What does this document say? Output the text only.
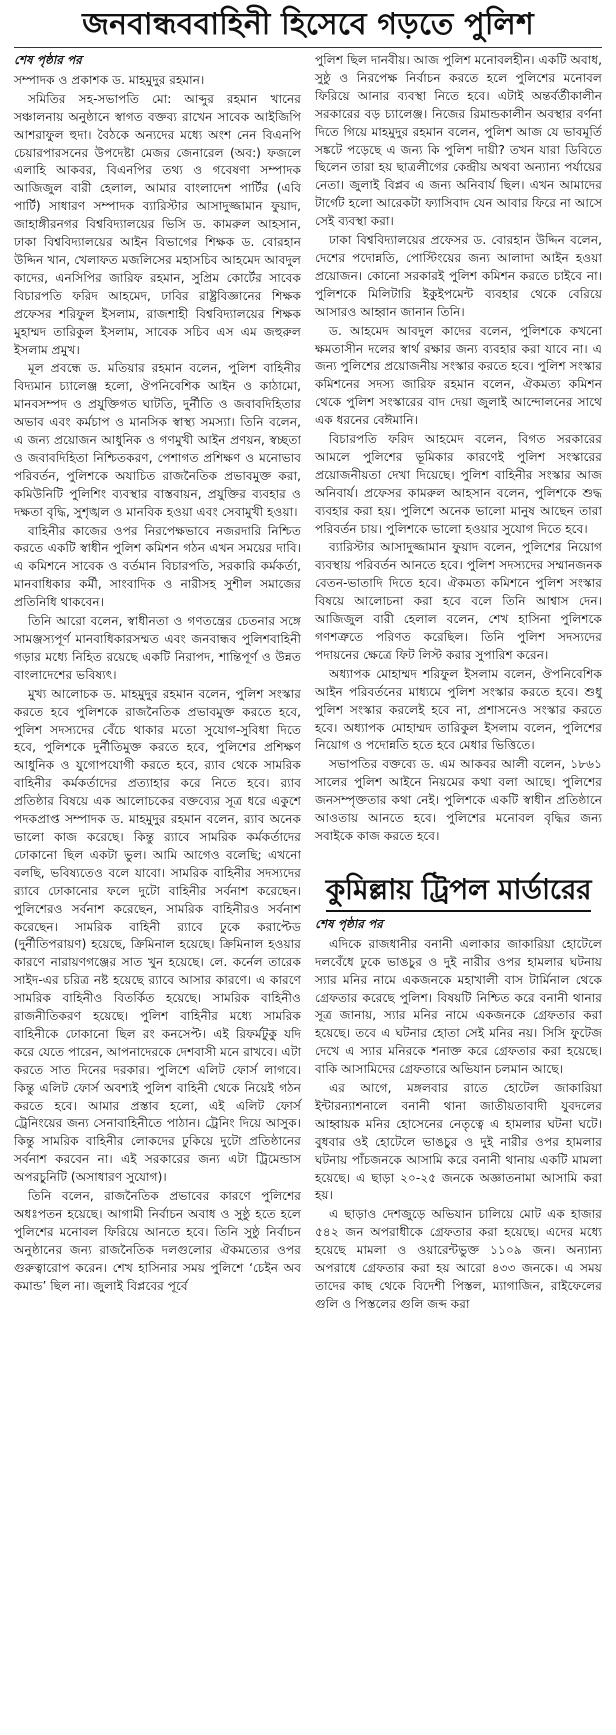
জনবান্ধববাহিনী হিসেবে গড়তে পুলিশ
শেষ পৃষ্ঠার পর

সম্পাদক ও প্রকাশক ড. মাহমুদুর রহমান।

সমিতির সহ-সভাপতি মো: আব্দুর রহমান খানের সঞ্চালনায় অনুষ্ঠানে স্বাগত বক্তব্য রাখেন সাবেক আইজিপি আশরাফুল হুদা। বৈঠকে অন্যদের মধ্যে অংশ নেন বিএনপি চেয়ারপারসনের উপদেষ্টা মেজর জেনারেল (অব:) ফজলে এলাহি আকবর, বিএনপির তথ্য ও গবেষণা সম্পাদক আজিজুল বারী হেলাল, আমার বাংলাদেশ পার্টির (এবি পার্টি) সাধারণ সম্পাদক ব্যারিস্টার আসাদুজ্জামান ফুয়াদ, জাহাঙ্গীরনগর বিশ্ববিদ্যালয়ের ভিসি ড. কামরুল আহসান, ঢাকা বিশ্ববিদ্যালয়ের আইন বিভাগের শিক্ষক ড. বোরহান উদ্দিন খান, খেলাফত মজলিসের মহাসচিব আহমেদ আবদুল কাদের, এনসিপির জারিফ রহমান, সুপ্রিম কোর্টের সাবেক বিচারপতি ফরিদ আহমেদ, ঢাবির রাষ্ট্রবিজ্ঞানের শিক্ষক প্রফেসর শরিফুল ইসলাম, রাজশাহী বিশ্ববিদ্যালয়ের শিক্ষক মুহাম্মদ তারিকুল ইসলাম, সাবেক সচিব এস এম জহুরুল ইসলাম প্রমুখ।

মূল প্রবন্ধে ড. মতিয়ার রহমান বলেন, পুলিশ বাহিনীর বিদ্যমান চ্যালেঞ্জ হলো, ঔপনিবেশিক আইন ও কাঠামো, মানবসম্পদ ও প্রযুক্তিগত ঘাটতি, দুর্নীতি ও জবাবদিহিতার অভাব এবং কর্মচাপ ও মানসিক স্বাস্থ্য সমস্যা। তিনি বলেন, এ জন্য প্রয়োজন আধুনিক ও গণমুখী আইন প্রণয়ন, স্বচ্ছতা ও জবাবদিহিতা নিশ্চিতকরণ, পেশাগত প্রশিক্ষণ ও মনোভাব পরিবর্তন, পুলিশকে অযাচিত রাজনৈতিক প্রভাবমুক্ত করা, কমিউনিটি পুলিশিং ব্যবস্থার বাস্তবায়ন, প্রযুক্তির ব্যবহার ও দক্ষতা বৃদ্ধি, সুশৃঙ্খল ও মানবিক হওয়া এবং সেবামুখী হওয়া।

বাহিনীর কাজের ওপর নিরপেক্ষভাবে নজরদারি নিশ্চিত করতে একটি স্বাধীন পুলিশ কমিশন গঠন এখন সময়ের দাবি। এ কমিশনে সাবেক ও বর্তমান বিচারপতি, সরকারি কর্মকর্তা, মানবাধিকার কর্মী, সাংবাদিক ও নারীসহ সুশীল সমাজের প্রতিনিধি থাকবেন।

তিনি আরো বলেন, স্বাধীনতা ও গণতন্ত্রের চেতনার সঙ্গে সামঞ্জস্যপূর্ণ মানবাধিকারসম্মত এবং জনবান্ধব পুলিশবাহিনী গড়ার মধ্যে নিহিত রয়েছে একটি নিরাপদ, শান্তিপূর্ণ ও উন্নত বাংলাদেশের ভবিষ্যৎ।

মুখ্য আলোচক ড. মাহমুদুর রহমান বলেন, পুলিশ সংস্কার করতে হবে পুলিশকে রাজনৈতিক প্রভাবমুক্ত করতে হবে, পুলিশ সদস্যদের বেঁচে থাকার মতো সুযোগ-সুবিধা দিতে হবে, পুলিশকে দুর্নীতিমুক্ত করতে হবে, পুলিশের প্রশিক্ষণ আধুনিক ও যুগোপযোগী করতে হবে, র‍্যাব থেকে সামরিক বাহিনীর কর্মকর্তাদের প্রত্যাহার করে নিতে হবে। র‍্যাব প্রতিষ্ঠার বিষয়ে এক আলোচকের বক্তব্যের সূত্র ধরে একুশে পদকপ্রাপ্ত সম্পাদক ড. মাহমুদুর রহমান বলেন, র‍্যাব অনেক ভালো কাজ করেছে। কিন্তু র‍্যাবে সামরিক কর্মকর্তাদের ঢোকানো ছিল একটা ভুল। আমি আগেও বলেছি; এখনো বলছি, ভবিষ্যতেও বলে যাবো। সামরিক বাহিনীর সদস্যদের র‍্যাবে ঢোকানোর ফলে দুটো বাহিনীর সর্বনাশ করেছেন। পুলিশেরও সর্বনাশ করেছেন, সামরিক বাহিনীরও সর্বনাশ করেছেন। সামরিক বাহিনী র‍্যাবে ঢুকে করাপ্টেড (দুর্নীতিপরায়ণ) হয়েছে, ক্রিমিনাল হয়েছে। ক্রিমিনাল হওয়ার কারণে নারায়ণগঞ্জের সাত খুন হয়েছে। লে. কর্নেল তারেক সাইদ-এর চরিত্র নষ্ট হয়েছে র‍্যাবে আসার কারণে। এ কারণে সামরিক বাহিনীও বিতর্কিত হয়েছে। সামরিক বাহিনীও রাজনীতিকরণ হয়েছে। পুলিশ বাহিনীর মধ্যে সামরিক বাহিনীকে ঢোকানো ছিল রং কনসেপ্ট। এই রিফর্মটুকু যদি করে যেতে পারেন, আপনাদেরকে দেশবাসী মনে রাখবে। এটা করতে সাত দিনের দরকার। পুলিশে এলিট ফোর্স লাগবে। কিন্তু এলিট ফোর্স অবশ্যই পুলিশ বাহিনী থেকে নিয়েই গঠন করতে হবে। আমার প্রস্তাব হলো, এই এলিট ফোর্স ট্রেনিংয়ের জন্য সেনাবাহিনীতে পাঠান। ট্রেনিং দিয়ে আসুক। কিন্তু সামরিক বাহিনীর লোকদের ঢুকিয়ে দুটো প্রতিষ্ঠানের সর্বনাশ করবেন না। এই সরকারের জন্য এটা ট্রিমেন্ডাস অপরচুনিটি (অসাধারণ সুযোগ)।

তিনি বলেন, রাজনৈতিক প্রভাবের কারণে পুলিশের অধঃপতন হয়েছে। আগামী নির্বাচন অবাধ ও সুষ্ঠু হতে হলে পুলিশের মনোবল ফিরিয়ে আনতে হবে। তিনি সুষ্ঠু নির্বাচন অনুষ্ঠানের জন্য রাজনৈতিক দলগুলোর ঐকমত্যের ওপর গুরুত্বারোপ করেন। শেখ হাসিনার সময় পুলিশে ‘চেইন অব কমান্ড’ ছিল না। জুলাই বিপ্লবের পূর্বে

পুলিশ ছিল দানবীয়। আজ পুলিশ মনোবলহীন। একটি অবাধ, সুষ্ঠু ও নিরপেক্ষ নির্বাচন করতে হলে পুলিশের মনোবল ফিরিয়ে আনার ব্যবস্থা নিতে হবে। এটাই অন্তর্বর্তীকালীন সরকারের বড় চ্যালেঞ্জ। নিজের রিমান্ডকালীন অবস্থার বর্ণনা দিতে গিয়ে মাহমুদুর রহমান বলেন, পুলিশ আজ যে ভাবমূর্তি সঙ্কটে পড়েছে এ জন্য কি পুলিশ দায়ী? তখন যারা ডিবিতে ছিলেন তারা হয় ছাত্রলীগের কেন্দ্রীয় অথবা অন্যান্য পর্যায়ের নেতা। জুলাই বিপ্লব এ জন্য অনিবার্য ছিল। এখন আমাদের টার্গেট হলো আরেকটা ফ্যাসিবাদ যেন আবার ফিরে না আসে সেই ব্যবস্থা করা।

ঢাকা বিশ্ববিদ্যালয়ের প্রফেসর ড. বোরহান উদ্দিন বলেন, দেশের পদোন্নতি, পোস্টিংয়ের জন্য আলাদা আইন হওয়া প্রয়োজন। কোনো সরকারই পুলিশ কমিশন করতে চাইবে না। পুলিশকে মিলিটারি ইকুইপমেন্ট ব্যবহার থেকে বেরিয়ে আসারও আহ্বান জানান তিনি।

ড. আহমেদ আবদুল কাদের বলেন, পুলিশকে কখনো ক্ষমতাসীন দলের স্বার্থ রক্ষার জন্য ব্যবহার করা যাবে না। এ জন্য পুলিশের প্রয়োজনীয় সংস্কার করতে হবে। পুলিশ সংস্কার কমিশনের সদস্য জারিফ রহমান বলেন, ঐকমত্য কমিশন থেকে পুলিশ সংস্কারের বাদ দেয়া জুলাই আন্দোলনের সাথে এক ধরনের বেঈমানি।

বিচারপতি ফরিদ আহমেদ বলেন, বিগত সরকারের আমলে পুলিশের ভূমিকার কারণেই পুলিশ সংস্কারের প্রয়োজনীয়তা দেখা দিয়েছে। পুলিশ বাহিনীর সংস্কার আজ অনিবার্য। প্রফেসর কামরুল আহসান বলেন, পুলিশকে শুদ্ধ ব্যবহার করা হয়। পুলিশে অনেক ভালো মানুষ আছেন তারা পরিবর্তন চায়। পুলিশকে ভালো হওয়ার সুযোগ দিতে হবে।

ব্যারিস্টার আসাদুজ্জামান ফুয়াদ বলেন, পুলিশের নিয়োগ ব্যবস্থায় পরিবর্তন আনতে হবে। পুলিশ সদস্যদের সম্মানজনক বেতন-ভাতাদি দিতে হবে। ঐকমত্য কমিশনে পুলিশ সংস্কার বিষয়ে আলোচনা করা হবে বলে তিনি আশ্বাস দেন। আজিজুল বারী হেলাল বলেন, শেখ হাসিনা পুলিশকে গণশত্রুতে পরিণত করেছিল। তিনি পুলিশ সদস্যদের পদায়নের ক্ষেত্রে ফিট লিস্ট করার সুপারিশ করেন।

অধ্যাপক মোহাম্মদ শরিফুল ইসলাম বলেন, ঔপনিবেশিক আইন পরিবর্তনের মাধ্যমে পুলিশ সংস্কার করতে হবে। শুধু পুলিশ সংস্কার করলেই হবে না, প্রশাসনেও সংস্কার করতে হবে। অধ্যাপক মোহাম্মদ তারিকুল ইসলাম বলেন, পুলিশের নিয়োগ ও পদোন্নতি হতে হবে মেধার ভিত্তিতে।

সভাপতির বক্তব্যে ড. এম আকবর আলী বলেন, ১৮৬১ সালের পুলিশ আইনে নিয়মের কথা বলা আছে। পুলিশের জনসম্পৃক্ততার কথা নেই। পুলিশকে একটি স্বাধীন প্রতিষ্ঠানে আওতায় আনতে হবে। পুলিশের মনোবল বৃদ্ধির জন্য সবাইকে কাজ করতে হবে।

কুমিল্লায় ট্রিপল মার্ডারের
শেষ পৃষ্ঠার পর

এদিকে রাজধানীর বনানী এলাকার জাকারিয়া হোটেলে দলবেঁধে ঢুকে ভাঙচুর ও দুই নারীর ওপর হামলার ঘটনায় স্যার মনির নামে একজনকে মহাখালী বাস টার্মিনাল থেকে গ্রেফতার করেছে পুলিশ। বিষয়টি নিশ্চিত করে বনানী থানার সূত্র জানায়, স্যার মনির নামে একজনকে গ্রেফতার করা হয়েছে। তবে এ ঘটনার হোতা সেই মনির নয়। সিসি ফুটেজ দেখে এ স্যার মনিরকে শনাক্ত করে গ্রেফতার করা হয়েছে। বাকি আসামিদের গ্রেফতারে অভিযান চলমান আছে।

এর আগে, মঙ্গলবার রাতে হোটেল জাকারিয়া ইন্টারন্যাশনালে বনানী থানা জাতীয়তাবাদী যুবদলের আহ্বায়ক মনির হোসেনের নেতৃত্বে এ হামলার ঘটনা ঘটে। বুধবার ওই হোটেলে ভাঙচুর ও দুই নারীর ওপর হামলার ঘটনায় পাঁচজনকে আসামি করে বনানী থানায় একটি মামলা হয়েছে। এ ছাড়া ২০-২৫ জনকে অজ্ঞাতনামা আসামি করা হয়।

এ ছাড়াও দেশজুড়ে অভিযান চালিয়ে মোট এক হাজার ৫৪২ জন অপরাধীকে গ্রেফতার করা হয়েছে। এদের মধ্যে হয়েছে মামলা ও ওয়ারেন্টভুক্ত ১১০৯ জন। অন্যান্য অপরাধে গ্রেফতার করা হয় আরো ৪৩৩ জনকে। এ সময় তাদের কাছ থেকে বিদেশী পিস্তল, ম্যাগাজিন, রাইফেলের গুলি ও পিস্তলের গুলি জব্দ করা
